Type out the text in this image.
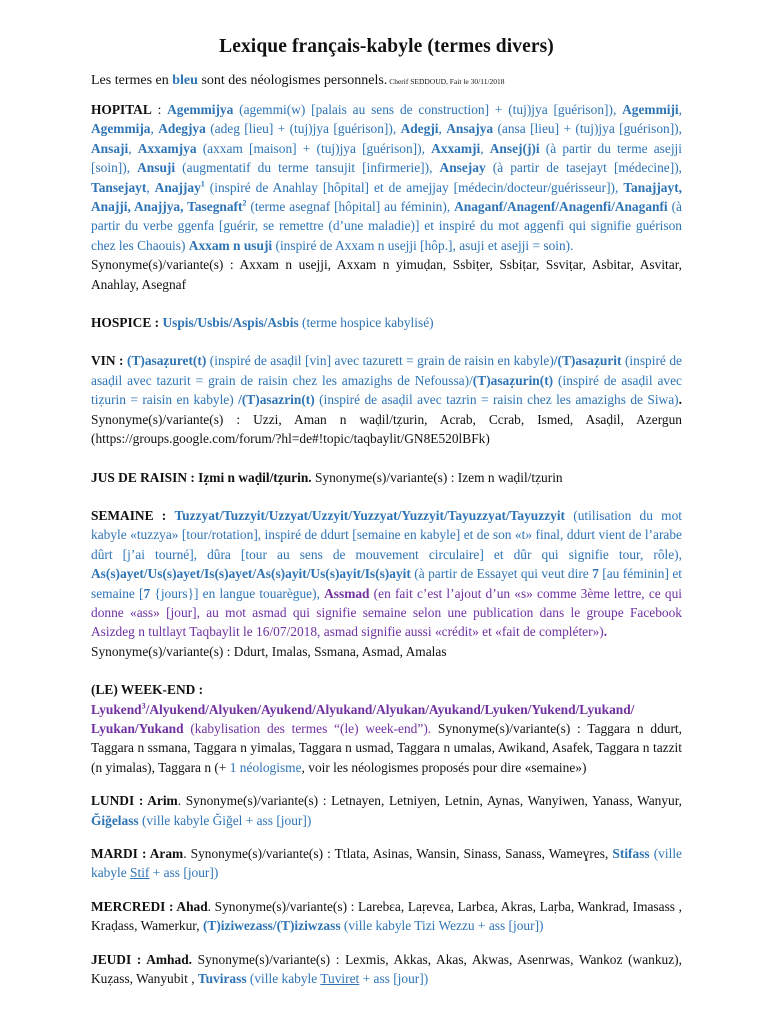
Lexique français-kabyle (termes divers)

Les termes en bleu sont des néologismes personnels. Cherif SEDDOUD, Fait le 30/11/2018

HOPITAL : Agemmijya (agemmi(w) [palais au sens de construction] + (tuj)jya [guérison]), Agemmiji, Agemmija, Adegjya (adeg [lieu] + (tuj)jya [guérison]), Adegji, Ansajya (ansa [lieu] + (tuj)jya [guérison]), Ansaji, Axxamjya (axxam [maison] + (tuj)jya [guérison]), Axxamji, Ansej(j)i (à partir du terme asejji [soin]), Ansuji (augmentatif du terme tansujit [infirmerie]), Ansejay (à partir de tasejayt [médecine]), Tansejayt, Anajjay$^1$ (inspiré de Anahlay [hôpital] et de amejjay [médecin/docteur/guérisseur]), Tanajjayt, Anajji, Anajjya, Tasegnaft$^2$ (terme asegnaf [hôpital] au féminin), Anaganf/Anagenf/Anagenfi/Anaganfi (à partir du verbe ggenfa [guérir, se remettre (d’une maladie)] et inspiré du mot aggenfi qui signifie guérison chez les Chaouis) Axxam n usuji (inspiré de Axxam n usejji [hôp.], asuji et asejji = soin).
Synonyme(s)/variante(s) : Axxam n usejji, Axxam n yimuḍan, Ssbiṭer, Ssbiṭar, Ssviṭar, Asbitar, Asvitar, Anahlay, Asegnaf

HOSPICE : Uspis/Usbis/Aspis/Asbis (terme hospice kabylisé)

VIN : (T)asaẓuret(t) (inspiré de asaḍil [vin] avec tazurett = grain de raisin en kabyle)/(T)asaẓurit (inspiré de asaḍil avec tazurit = grain de raisin chez les amazighs de Nefoussa)/(T)asaẓurin(t) (inspiré de asaḍil avec tiẓurin = raisin en kabyle) /(T)asazrin(t) (inspiré de asaḍil avec tazrin = raisin chez les amazighs de Siwa). Synonyme(s)/variante(s) : Uzzi, Aman n waḍil/tẓurin, Acrab, Ccrab, Ismed, Asaḍil, Azergun (https://groups.google.com/forum/?hl=de#!topic/taqbaylit/GN8E520lBFk)

JUS DE RAISIN : Iẓmi n waḍil/tẓurin. Synonyme(s)/variante(s) : Izem n waḍil/tẓurin

SEMAINE : Tuzzyat/Tuzzyit/Uzzyat/Uzzyit/Yuzzyat/Yuzzyit/Tayuzzyat/Tayuzzyit (utilisation du mot kabyle «tuzzya» [tour/rotation], inspiré de ddurt [semaine en kabyle] et de son «t» final, ddurt vient de l’arabe dûrt [j’ai tourné], dûra [tour au sens de mouvement circulaire] et dûr qui signifie tour, rôle), As(s)ayet/Us(s)ayet/Is(s)ayet/As(s)ayit/Us(s)ayit/Is(s)ayit (à partir de Essayet qui veut dire 7 [au féminin] et semaine [7 {jours}] en langue touarègue), Assmad (en fait c’est l’ajout d’un «s» comme 3ème lettre, ce qui donne «ass» [jour], au mot asmad qui signifie semaine selon une publication dans le groupe Facebook Asizdeg n tultlayt Taqbaylit le 16/07/2018, asmad signifie aussi «crédit» et «fait de compléter»).
Synonyme(s)/variante(s) : Ddurt, Imalas, Ssmana, Asmad, Amalas

(LE) WEEK-END :
Lyukend$^3$/Alyukend/Alyuken/Ayukend/Alyukand/Alyukan/Ayukand/Lyuken/Yukend/Lyukand/ Lyukan/Yukand (kabylisation des termes “(le) week-end”). Synonyme(s)/variante(s) : Taggara n ddurt, Taggara n ssmana, Taggara n yimalas, Taggara n usmad, Taggara n umalas, Awikand, Asafek, Taggara n tazzit (n yimalas), Taggara n (+ 1 néologisme, voir les néologismes proposés pour dire «semaine»)

LUNDI : Arim. Synonyme(s)/variante(s) : Letnayen, Letniyen, Letnin, Aynas, Wanyiwen, Yanass, Wanyur, Ğiğelass (ville kabyle Ğiğel + ass [jour])

MARDI : Aram. Synonyme(s)/variante(s) : Ttlata, Asinas, Wansin, Sinass, Sanass, Wameɣres, Stifass (ville kabyle Stif + ass [jour])

MERCREDI : Ahad. Synonyme(s)/variante(s) : Larebɛa, Laṛevɛa, Larbɛa, Akras, Laṛba, Wankrad, Imasass , Kraḍass, Wamerkur, (T)iziwezass/(T)iziwzass (ville kabyle Tizi Wezzu + ass [jour])

JEUDI : Amhad. Synonyme(s)/variante(s) : Lexmis, Akkas, Akas, Akwas, Asenrwas, Wankoz (wankuz), Kuẓass, Wanyubit , Tuvirass (ville kabyle Tuviret + ass [jour])
